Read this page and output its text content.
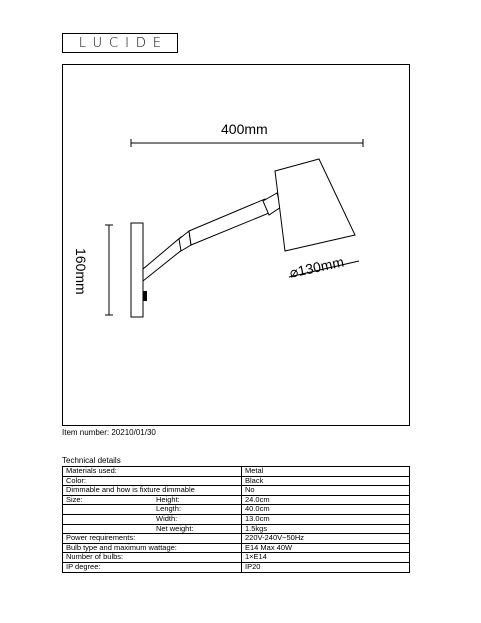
LUCIDE
400mm
160mm	⌀130mm
Item number: 20210/01/30
Technical details
Materials used:		Metal
Color:		Black
Dimmable and how is fixture dimmable		No
Size:	Height:	24.0cm
	Length:	40.0cm
	Width:	13.0cm
	Net weight:	1.5kgs
Power requirements:		220V-240V~50Hz
Bulb type and maximum wattage:		E14 Max 40W
Number of bulbs:		1×E14
IP degree:		IP20
